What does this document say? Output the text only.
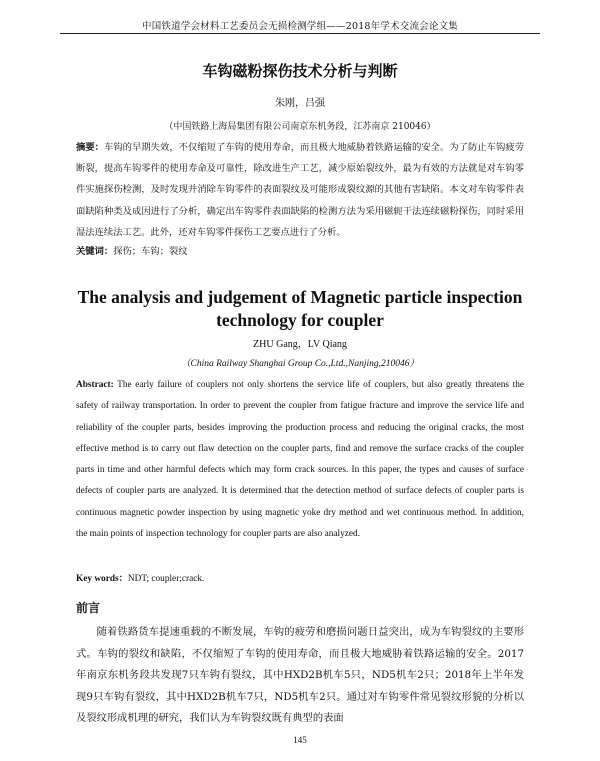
中国铁道学会材料工艺委员会无损检测学组——2018年学术交流会论文集
车钩磁粉探伤技术分析与判断
朱刚，吕强
（中国铁路上海局集团有限公司南京东机务段，江苏南京 210046）
摘要：车钩的早期失效，不仅缩短了车钩的使用寿命，而且极大地威胁着铁路运输的安全。为了防止车钩疲劳断裂，提高车钩零件的使用寿命及可靠性，除改进生产工艺，减少原始裂纹外，最为有效的方法就是对车钩零件实施探伤检测，及时发现并消除车钩零件的表面裂纹及可能形成裂纹源的其他有害缺陷。本文对车钩零件表面缺陷种类及成因进行了分析，确定出车钩零件表面缺陷的检测方法为采用磁轭干法连续磁粉探伤，同时采用湿法连续法工艺。此外，还对车钩零件探伤工艺要点进行了分析。
关键词：探伤；车钩；裂纹
The analysis and judgement of Magnetic particle inspection
technology for coupler
ZHU Gang，LV Qiang
（China Railway Shanghai Group Co.,Ltd.,Nanjing,210046）
Abstract: The early failure of couplers not only shortens the service life of couplers, but also greatly threatens the safety of railway transportation. In order to prevent the coupler from fatigue fracture and improve the service life and reliability of the coupler parts, besides improving the production process and reducing the original cracks, the most effective method is to carry out flaw detection on the coupler parts, find and remove the surface cracks of the coupler parts in time and other harmful defects which may form crack sources. In this paper, the types and causes of surface defects of coupler parts are analyzed. It is determined that the detection method of surface defects of coupler parts is continuous magnetic powder inspection by using magnetic yoke dry method and wet continuous method. In addition, the main points of inspection technology for coupler parts are also analyzed.
Key words：NDT; coupler;crack.
前言
随着铁路货车提速重载的不断发展，车钩的疲劳和磨损问题日益突出，成为车钩裂纹的主要形式。车钩的裂纹和缺陷，不仅缩短了车钩的使用寿命，而且极大地威胁着铁路运输的安全。2017年南京东机务段共发现7只车钩有裂纹，其中HXD2B机车5只，ND5机车2只；2018年上半年发现9只车钩有裂纹，其中HXD2B机车7只，ND5机车2只。通过对车钩零件常见裂纹形貌的分析以及裂纹形成机理的研究，我们认为车钩裂纹既有典型的表面
145
